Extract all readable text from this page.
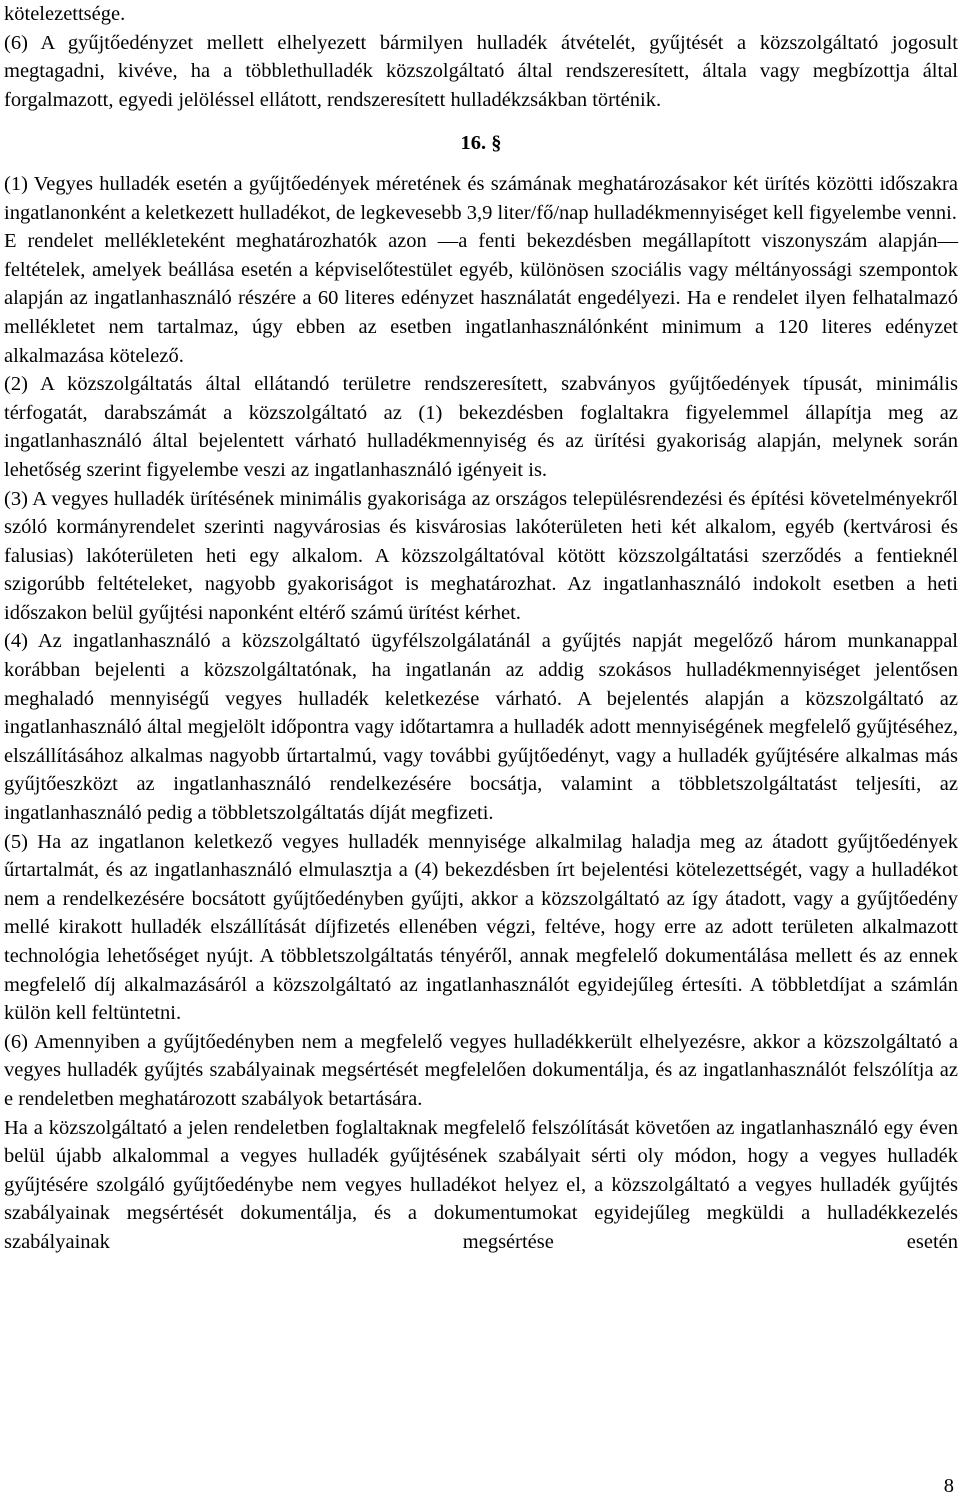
kötelezettsége.

(6) A gyűjtőedényzet mellett elhelyezett bármilyen hulladék átvételét, gyűjtését a közszolgáltató jogosult megtagadni, kivéve, ha a többlethulladék közszolgáltató által rendszeresített, általa vagy megbízottja által forgalmazott, egyedi jelöléssel ellátott, rendszeresített hulladékzsákban történik.

16. §

(1) Vegyes hulladék esetén a gyűjtőedények méretének és számának meghatározásakor két ürítés közötti időszakra ingatlanonként a keletkezett hulladékot, de legkevesebb 3,9 liter/fő/nap hulladékmennyiséget kell figyelembe venni.

E rendelet mellékleteként meghatározhatók azon ―a fenti bekezdésben megállapított viszonyszám alapján― feltételek, amelyek beállása esetén a képviselőtestület egyéb, különösen szociális vagy méltányossági szempontok alapján az ingatlanhasználó részére a 60 literes edényzet használatát engedélyezi. Ha e rendelet ilyen felhatalmazó mellékletet nem tartalmaz, úgy ebben az esetben ingatlanhasználónként minimum a 120 literes edényzet alkalmazása kötelező.

(2) A közszolgáltatás által ellátandó területre rendszeresített, szabványos gyűjtőedények típusát, minimális térfogatát, darabszámát a közszolgáltató az (1) bekezdésben foglaltakra figyelemmel állapítja meg az ingatlanhasználó által bejelentett várható hulladékmennyiség és az ürítési gyakoriság alapján, melynek során lehetőség szerint figyelembe veszi az ingatlanhasználó igényeit is.

(3) A vegyes hulladék ürítésének minimális gyakorisága az országos településrendezési és építési követelményekről szóló kormányrendelet szerinti nagyvárosias és kisvárosias lakóterületen heti két alkalom, egyéb (kertvárosi és falusias) lakóterületen heti egy alkalom. A közszolgáltatóval kötött közszolgáltatási szerződés a fentieknél szigorúbb feltételeket, nagyobb gyakoriságot is meghatározhat. Az ingatlanhasználó indokolt esetben a heti időszakon belül gyűjtési naponként eltérő számú ürítést kérhet.

(4) Az ingatlanhasználó a közszolgáltató ügyfélszolgálatánál a gyűjtés napját megelőző három munkanappal korábban bejelenti a közszolgáltatónak, ha ingatlanán az addig szokásos hulladékmennyiséget jelentősen meghaladó mennyiségű vegyes hulladék keletkezése várható. A bejelentés alapján a közszolgáltató az ingatlanhasználó által megjelölt időpontra vagy időtartamra a hulladék adott mennyiségének megfelelő gyűjtéséhez, elszállításához alkalmas nagyobb űrtartalmú, vagy további gyűjtőedényt, vagy a hulladék gyűjtésére alkalmas más gyűjtőeszközt az ingatlanhasználó rendelkezésére bocsátja, valamint a többletszolgáltatást teljesíti, az ingatlanhasználó pedig a többletszolgáltatás díját megfizeti.

(5) Ha az ingatlanon keletkező vegyes hulladék mennyisége alkalmilag haladja meg az átadott gyűjtőedények űrtartalmát, és az ingatlanhasználó elmulasztja a (4) bekezdésben írt bejelentési kötelezettségét, vagy a hulladékot nem a rendelkezésére bocsátott gyűjtőedényben gyűjti, akkor a közszolgáltató az így átadott, vagy a gyűjtőedény mellé kirakott hulladék elszállítását díjfizetés ellenében végzi, feltéve, hogy erre az adott területen alkalmazott technológia lehetőséget nyújt. A többletszolgáltatás tényéről, annak megfelelő dokumentálása mellett és az ennek megfelelő díj alkalmazásáról a közszolgáltató az ingatlanhasználót egyidejűleg értesíti. A többletdíjat a számlán külön kell feltüntetni.

(6) Amennyiben a gyűjtőedényben nem a megfelelő vegyes hulladékkerült elhelyezésre, akkor a közszolgáltató a vegyes hulladék gyűjtés szabályainak megsértését megfelelően dokumentálja, és az ingatlanhasználót felszólítja az e rendeletben meghatározott szabályok betartására.

Ha a közszolgáltató a jelen rendeletben foglaltaknak megfelelő felszólítását követően az ingatlanhasználó egy éven belül újabb alkalommal a vegyes hulladék gyűjtésének szabályait sérti oly módon, hogy a vegyes hulladék gyűjtésére szolgáló gyűjtőedénybe nem vegyes hulladékot helyez el, a közszolgáltató a vegyes hulladék gyűjtés szabályainak megsértését dokumentálja, és a dokumentumokat egyidejűleg megküldi a hulladékkezelés szabályainak megsértése esetén

8
